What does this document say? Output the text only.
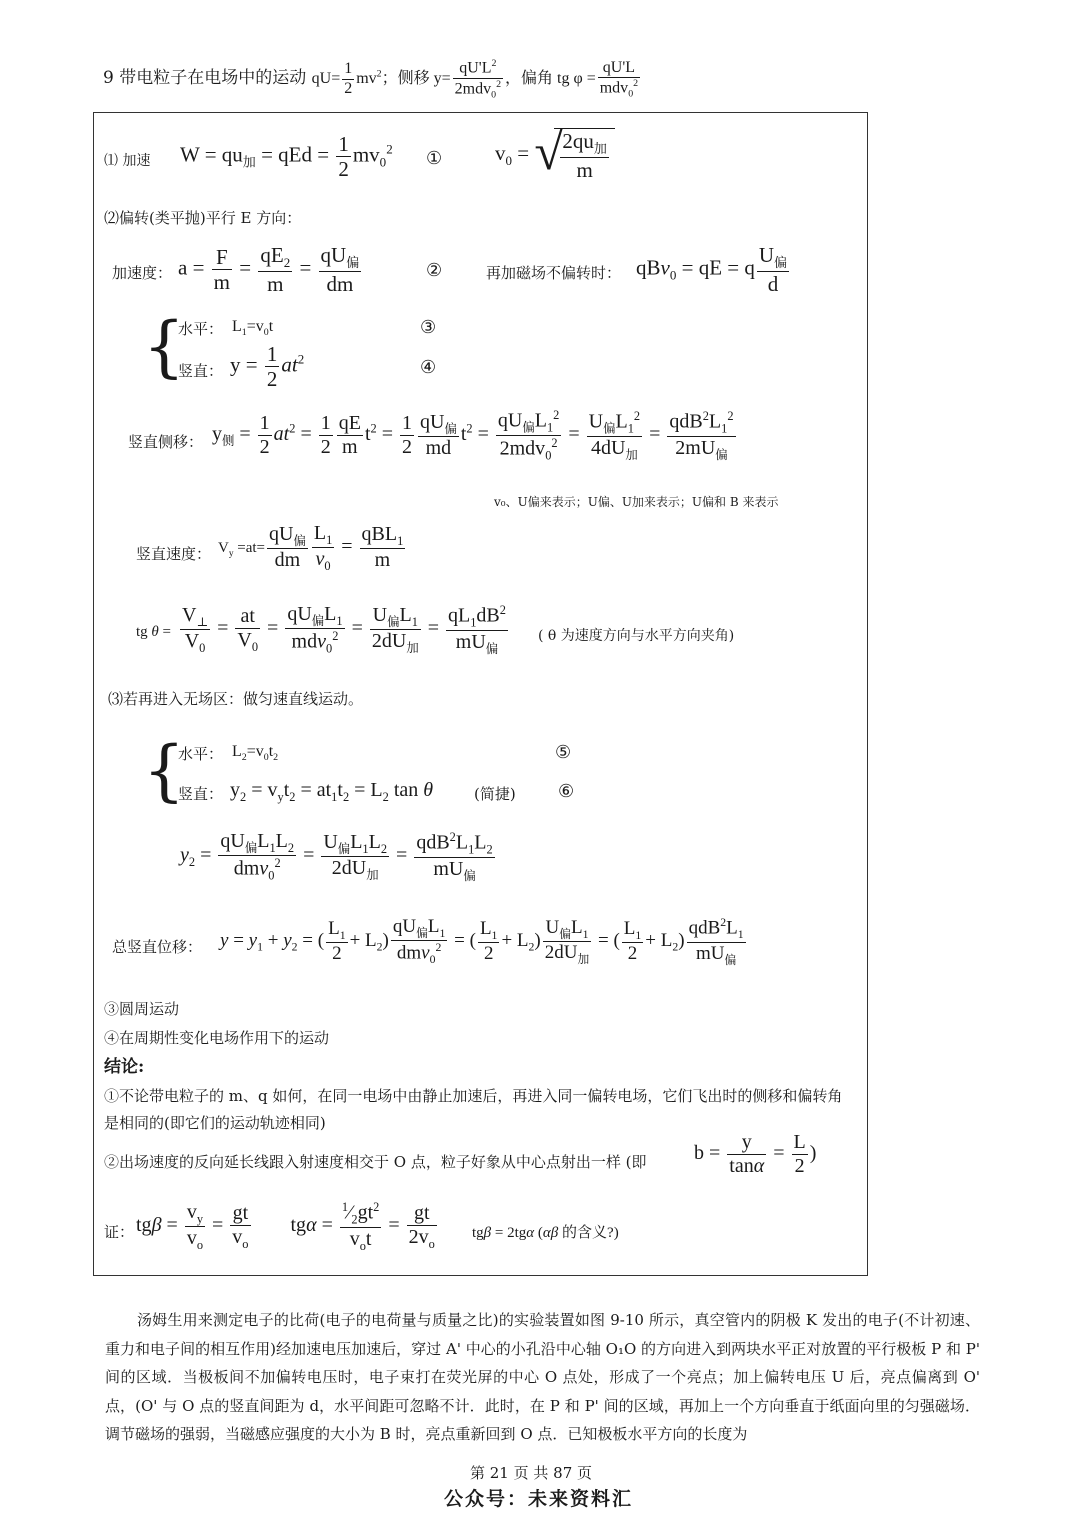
9 带电粒子在电场中的运动 $qU= \frac{1}{2} mv^2$；侧移 $y= \frac{qU'L^2}{2mdv_0^2}$ ，偏角 tg $\varphi = \frac{qU'L}{mdv_0^2}$
⑴ 加速 $W = qu_加$ = qEd = $\frac{1}{2} mv_0^2$ ①	$v_0$ = √
$\frac{2qu_加}{m}$
⑵偏转(类平抛)平行 E 方向：
加速度： $a = \frac{F}{m} = \frac{qE_2}{m} = \frac{qU_偏}{dm}$	②	再加磁场不偏转时： qBv$_0$ = qE = q $\frac{U_偏}{d}$
{
水平： $L_1=v_0t$	③
竖直： $y = \frac{1}{2} at^2$	④
竖直侧移： $y_侧 = \frac{1}{2} at^2 = \frac{1}{2} \frac{qE}{m} t^2 = \frac{1}{2} \frac{qU_偏}{md} t^2 = \frac{qU_偏L_1^2}{2mdv_0^2} = \frac{U_偏L_1^2}{4dU_加} = \frac{qdB^2L_1^2}{2mU_偏}$
v₀、U偏来表示；U偏、U加来表示；U偏和 B 来表示
竖直速度： $V_y =at= \frac{qU_偏}{dm} \frac{L_1}{v_0} = \frac{qBL_1}{m}$
tg $\theta = \frac{V_\perp}{V_0} = \frac{at}{V_0} = \frac{qU_偏L_1}{mdv_0^2} = \frac{U_偏L_1}{2dU_加} = \frac{qL_1dB^2}{mU_偏}$ ( θ 为速度方向与水平方向夹角)
⑶若再进入无场区：做匀速直线运动。
{
水平： $L_2=v_0t_2$	⑤
竖直： $y_2 = v_yt_2 = at_1t_2 = L_2$ tan θ	(简捷) ⑥
$y_2 = \frac{qU_偏L_1L_2}{dmv_0^2} = \frac{U_偏L_1L_2}{2dU_加} = \frac{qdB^2L_1L_2}{mU_偏}$
总竖直位移： $y = y_1 + y_2$ = ( $\frac{L_1}{2} + L_2) \frac{qU_偏L_1}{dmv_0^2}$ = ( $\frac{L_1}{2} + L_2) \frac{U_偏L_1}{2dU_加}$ = ( $\frac{L_1}{2} + L_2) \frac{qdB^2L_1}{mU_偏}$
③圆周运动
④在周期性变化电场作用下的运动
结论:
①不论带电粒子的 m、q 如何，在同一电场中由静止加速后，再进入同一偏转电场，它们飞出时的侧移和偏转角是相同的(即它们的运动轨迹相同)
②出场速度的反向延长线跟入射速度相交于 O 点，粒子好象从中心点射出一样 (即 $b = \frac{y}{\tan\alpha} = \frac{L}{2}$ )
证： $tg\beta = \frac{v_y}{v_o} = \frac{gt}{v_o}$ $tg\alpha = \frac{^1⁄_2gt^2}{v_ot} = \frac{gt}{2v_o}$ tgβ = 2tgα (αβ 的含义?)
汤姆生用来测定电子的比荷(电子的电荷量与质量之比)的实验装置如图 9-10 所示，真空管内的阴极 K 发出的电子(不计初速、重力和电子间的相互作用)经加速电压加速后，穿过 A' 中心的小孔沿中心轴 O₁O 的方向进入到两块水平正对放置的平行极板 P 和 P' 间的区域．当极板间不加偏转电压时，电子束打在荧光屏的中心 O 点处，形成了一个亮点；加上偏转电压 U 后，亮点偏离到 O' 点，(O' 与 O 点的竖直间距为 d，水平间距可忽略不计．此时，在 P 和 P' 间的区域，再加上一个方向垂直于纸面向里的匀强磁场．调节磁场的强弱，当磁感应强度的大小为 B 时，亮点重新回到 O 点．已知极板水平方向的长度为
第 21 页 共 87 页
公众号：未来资料汇
